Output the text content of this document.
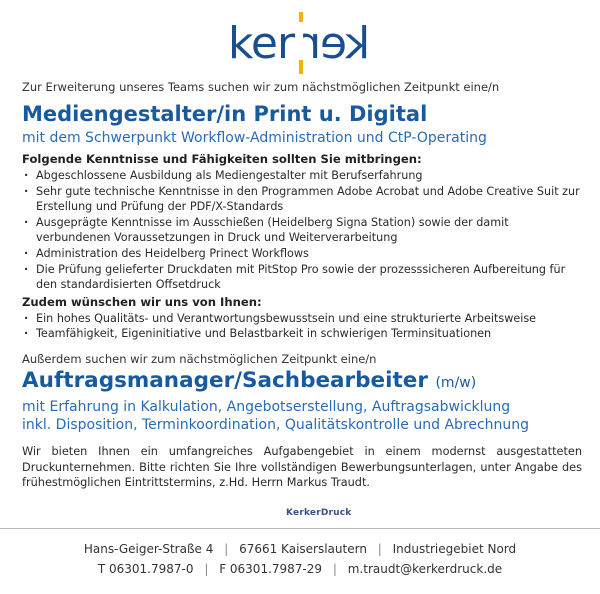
ker ker

Zur Erweiterung unseres Teams suchen wir zum nächstmöglichen Zeitpunkt eine/n

Mediengestalter/in Print u. Digital

mit dem Schwerpunkt Workflow-Administration und CtP-Operating

Folgende Kenntnisse und Fähigkeiten sollten Sie mitbringen:

· Abgeschlossene Ausbildung als Mediengestalter mit Berufserfahrung
· Sehr gute technische Kenntnisse in den Programmen Adobe Acrobat und Adobe Creative Suit zur Erstellung und Prüfung der PDF/X-Standards
· Ausgeprägte Kenntnisse im Ausschießen (Heidelberg Signa Station) sowie der damit verbundenen Voraussetzungen in Druck und Weiterverarbeitung
· Administration des Heidelberg Prinect Workflows
· Die Prüfung gelieferter Druckdaten mit PitStop Pro sowie der prozesssicheren Aufbereitung für den standardisierten Offsetdruck

Zudem wünschen wir uns von Ihnen:

· Ein hohes Qualitäts- und Verantwortungsbewusstsein und eine strukturierte Arbeitsweise
· Teamfähigkeit, Eigeninitiative und Belastbarkeit in schwierigen Terminsituationen

Außerdem suchen wir zum nächstmöglichen Zeitpunkt eine/n

Auftragsmanager/Sachbearbeiter (m/w)

mit Erfahrung in Kalkulation, Angebotserstellung, Auftragsabwicklung

inkl. Disposition, Terminkoordination, Qualitätskontrolle und Abrechnung

Wir bieten Ihnen ein umfangreiches Aufgabengebiet in einem modernst ausgestatteten Druckunternehmen. Bitte richten Sie Ihre vollständigen Bewerbungsunterlagen, unter Angabe des frühestmöglichen Eintrittstermins, z.Hd. Herrn Markus Traudt.

KerkerDruck
Hans-Geiger-Straße 4 | 67661 Kaiserslautern | Industriegebiet Nord
T 06301.7987-0 | F 06301.7987-29 | m.traudt@kerkerdruck.de
